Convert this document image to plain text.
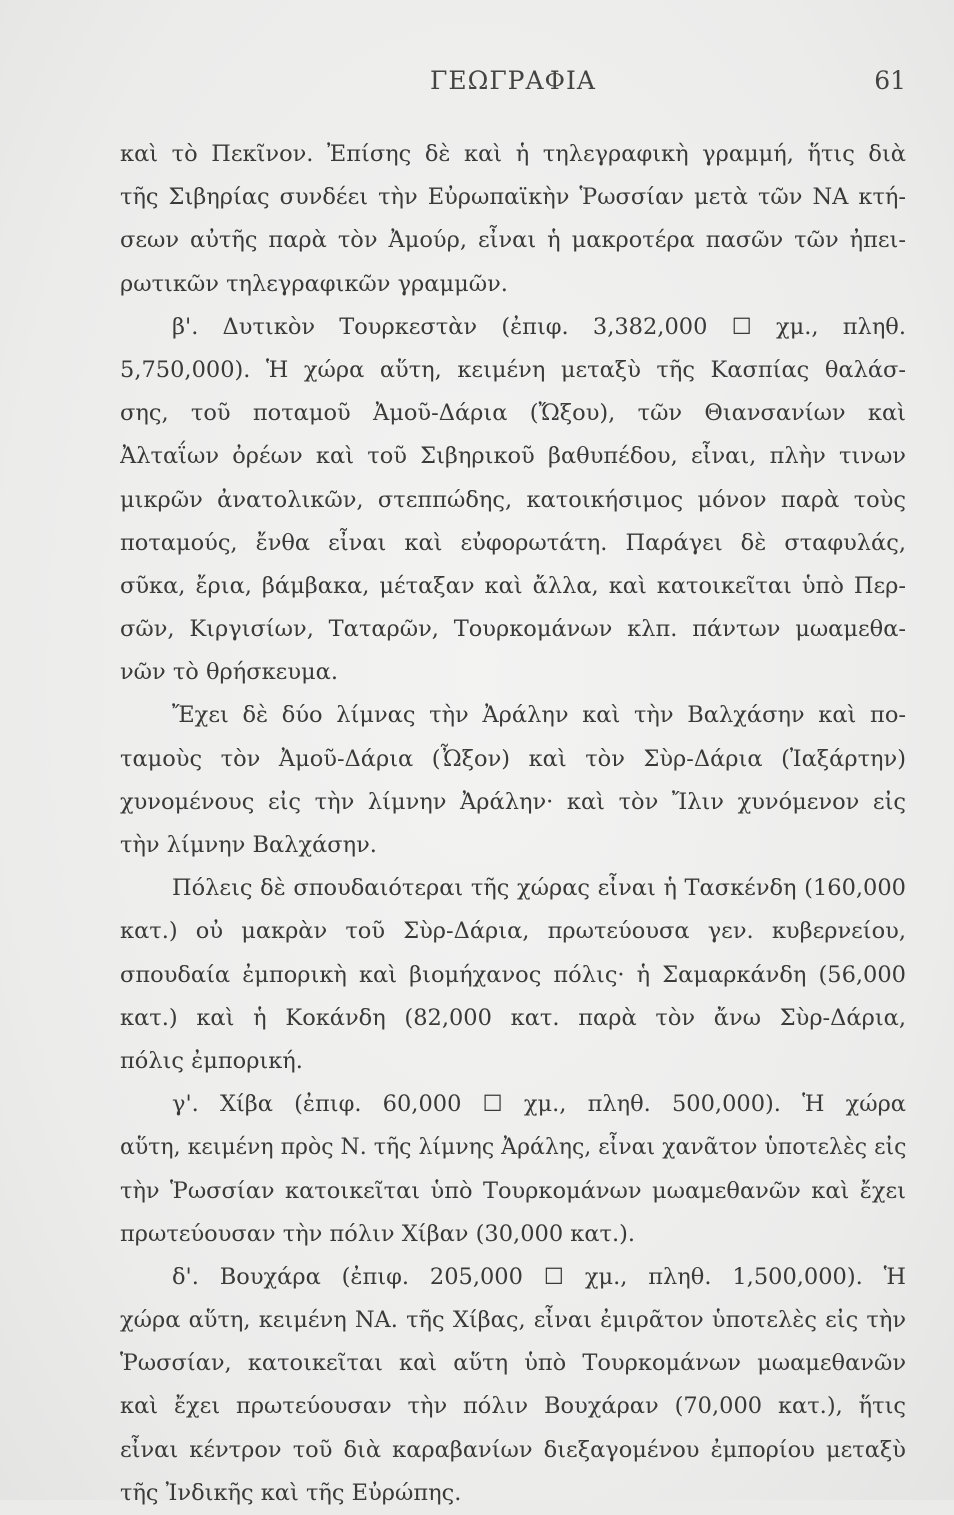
ΓΕΩΓΡΑΦΙΑ	61
καὶ τὸ Πεκῖνον. Ἐπίσης δὲ καὶ ἡ τηλεγραφικὴ γραμμή, ἥτις διὰ
τῆς Σιβηρίας συνδέει τὴν Εὐρωπαϊκὴν Ῥωσσίαν μετὰ τῶν ΝΑ κτή-
σεων αὐτῆς παρὰ τὸν Ἀμούρ, εἶναι ἡ μακροτέρα πασῶν τῶν ἠπει-
ρωτικῶν τηλεγραφικῶν γραμμῶν.
β'. Δυτικὸν Τουρκεστὰν (ἐπιφ. 3,382,000 ☐ χμ., πληθ.
5,750,000). Ἡ χώρα αὕτη, κειμένη μεταξὺ τῆς Κασπίας θαλάσ-
σης, τοῦ ποταμοῦ Ἀμοῦ-Δάρια (Ὤξου), τῶν Θιανσανίων καὶ
Ἀλταΐων ὀρέων καὶ τοῦ Σιβηρικοῦ βαθυπέδου, εἶναι, πλὴν τινων
μικρῶν ἀνατολικῶν, στεππώδης, κατοικήσιμος μόνον παρὰ τοὺς
ποταμούς, ἔνθα εἶναι καὶ εὐφορωτάτη. Παράγει δὲ σταφυλάς,
σῦκα, ἔρια, βάμβακα, μέταξαν καὶ ἄλλα, καὶ κατοικεῖται ὑπὸ Περ-
σῶν, Κιργισίων, Ταταρῶν, Τουρκομάνων κλπ. πάντων μωαμεθα-
νῶν τὸ θρήσκευμα.
Ἔχει δὲ δύο λίμνας τὴν Ἀράλην καὶ τὴν Βαλχάσην καὶ πο-
ταμοὺς τὸν Ἀμοῦ-Δάρια (Ὦξον) καὶ τὸν Σὺρ-Δάρια (Ἰαξάρτην)
χυνομένους εἰς τὴν λίμνην Ἀράλην· καὶ τὸν Ἴλιν χυνόμενον εἰς
τὴν λίμνην Βαλχάσην.
Πόλεις δὲ σπουδαιότεραι τῆς χώρας εἶναι ἡ Τασκένδη (160,000
κατ.) οὐ μακρὰν τοῦ Σὺρ-Δάρια, πρωτεύουσα γεν. κυβερνείου,
σπουδαία ἐμπορικὴ καὶ βιομήχανος πόλις· ἡ Σαμαρκάνδη (56,000
κατ.) καὶ ἡ Κοκάνδη (82,000 κατ. παρὰ τὸν ἄνω Σὺρ-Δάρια,
πόλις ἐμπορική.
γ'. Χίβα (ἐπιφ. 60,000 ☐ χμ., πληθ. 500,000). Ἡ χώρα
αὕτη, κειμένη πρὸς Ν. τῆς λίμνης Ἀράλης, εἶναι χανᾶτον ὑποτελὲς εἰς
τὴν Ῥωσσίαν κατοικεῖται ὑπὸ Τουρκομάνων μωαμεθανῶν καὶ ἔχει
πρωτεύουσαν τὴν πόλιν Χίβαν (30,000 κατ.).
δ'. Βουχάρα (ἐπιφ. 205,000 ☐ χμ., πληθ. 1,500,000). Ἡ
χώρα αὕτη, κειμένη ΝΑ. τῆς Χίβας, εἶναι ἐμιρᾶτον ὑποτελὲς εἰς τὴν
Ῥωσσίαν, κατοικεῖται καὶ αὕτη ὑπὸ Τουρκομάνων μωαμεθανῶν
καὶ ἔχει πρωτεύουσαν τὴν πόλιν Βουχάραν (70,000 κατ.), ἥτις
εἶναι κέντρον τοῦ διὰ καραβανίων διεξαγομένου ἐμπορίου μεταξὺ
τῆς Ἰνδικῆς καὶ τῆς Εὐρώπης.
